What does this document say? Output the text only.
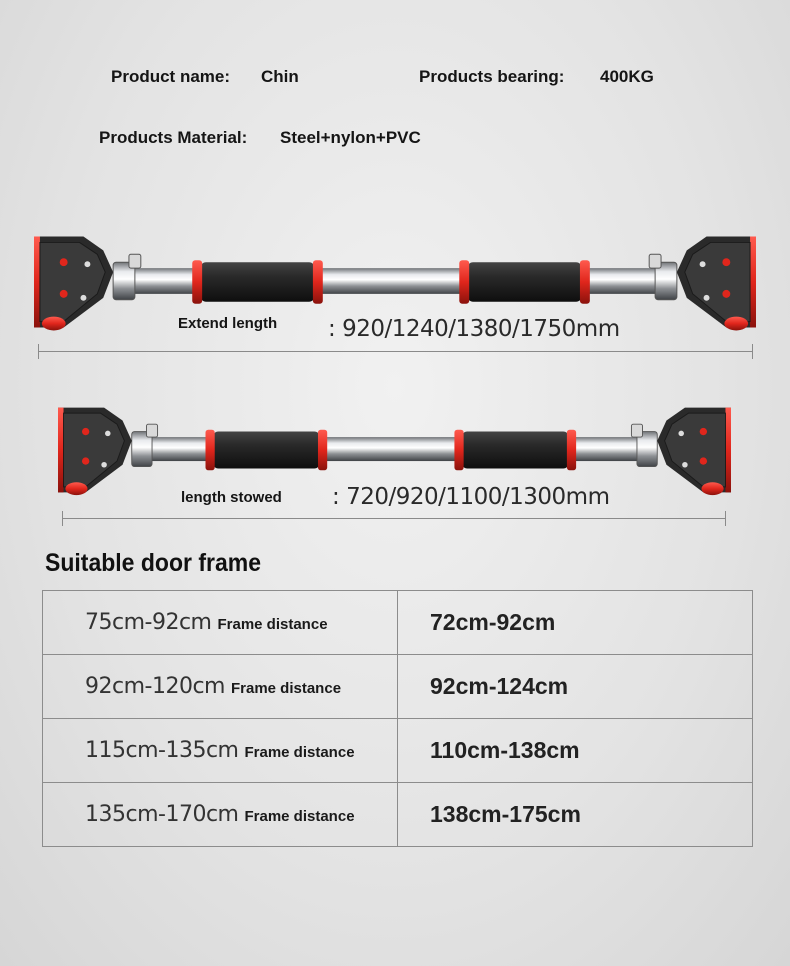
Product name: Chin	Products bearing: 400KG
Products Material: Steel+nylon+PVC
Extend length : 920/1240/1380/1750mm
length stowed : 720/920/1100/1300mm
Suitable door frame
75cm-92cm Frame distance	72cm-92cm
92cm-120cm Frame distance	92cm-124cm
115cm-135cm Frame distance	110cm-138cm
135cm-170cm Frame distance	138cm-175cm
